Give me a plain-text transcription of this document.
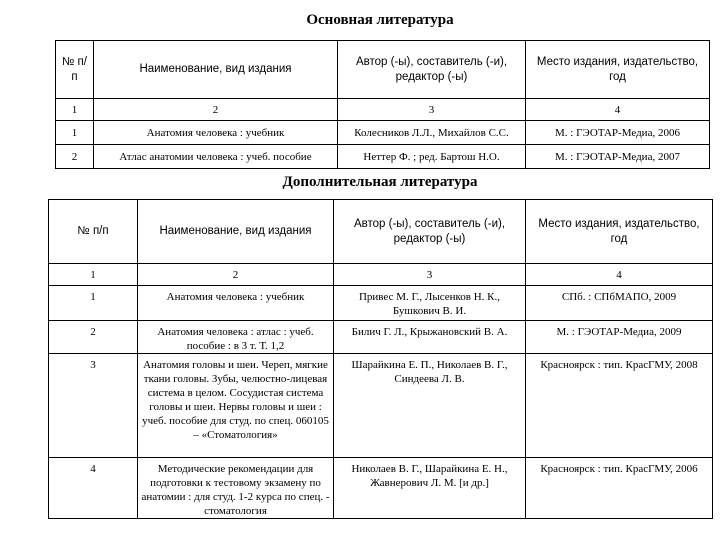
Основная литература
№ п/п	Наименование, вид издания	Автор (-ы), составитель (-и), редактор (-ы)	Место издания, издательство, год
1	2	3	4
1	Анатомия человека : учебник	Колесников Л.Л., Михайлов С.С.	М. : ГЭОТАР-Медиа, 2006
2	Атлас анатомии человека : учеб. пособие	Неттер Ф. ; ред. Бартош Н.О.	М. : ГЭОТАР-Медиа, 2007
Дополнительная литература
№ п/п	Наименование, вид издания	Автор (-ы), составитель (-и), редактор (-ы)	Место издания, издательство, год
1	2	3	4
1	Анатомия человека : учебник	Привес М. Г., Лысенков Н. К., Бушкович В. И.	СПб. : СПбМАПО, 2009
2	Анатомия человека : атлас : учеб. пособие : в 3 т. Т. 1,2	Билич Г. Л., Крыжановский В. А.	М. : ГЭОТАР-Медиа, 2009
3	Анатомия головы и шеи. Череп, мягкие ткани головы. Зубы, челюстно-лицевая система в целом. Сосудистая система головы и шеи. Нервы головы и шеи : учеб. пособие для студ. по спец. 060105 – «Стоматология»	Шарайкина Е. П., Николаев В. Г., Синдеева Л. В.	Красноярск : тип. КрасГМУ, 2008
4	Методические рекомендации для подготовки к тестовому экзамену по анатомии : для студ. 1-2 курса по спец. - стоматология	Николаев В. Г., Шарайкина Е. Н., Жавнерович Л. М. [и др.]	Красноярск : тип. КрасГМУ, 2006
